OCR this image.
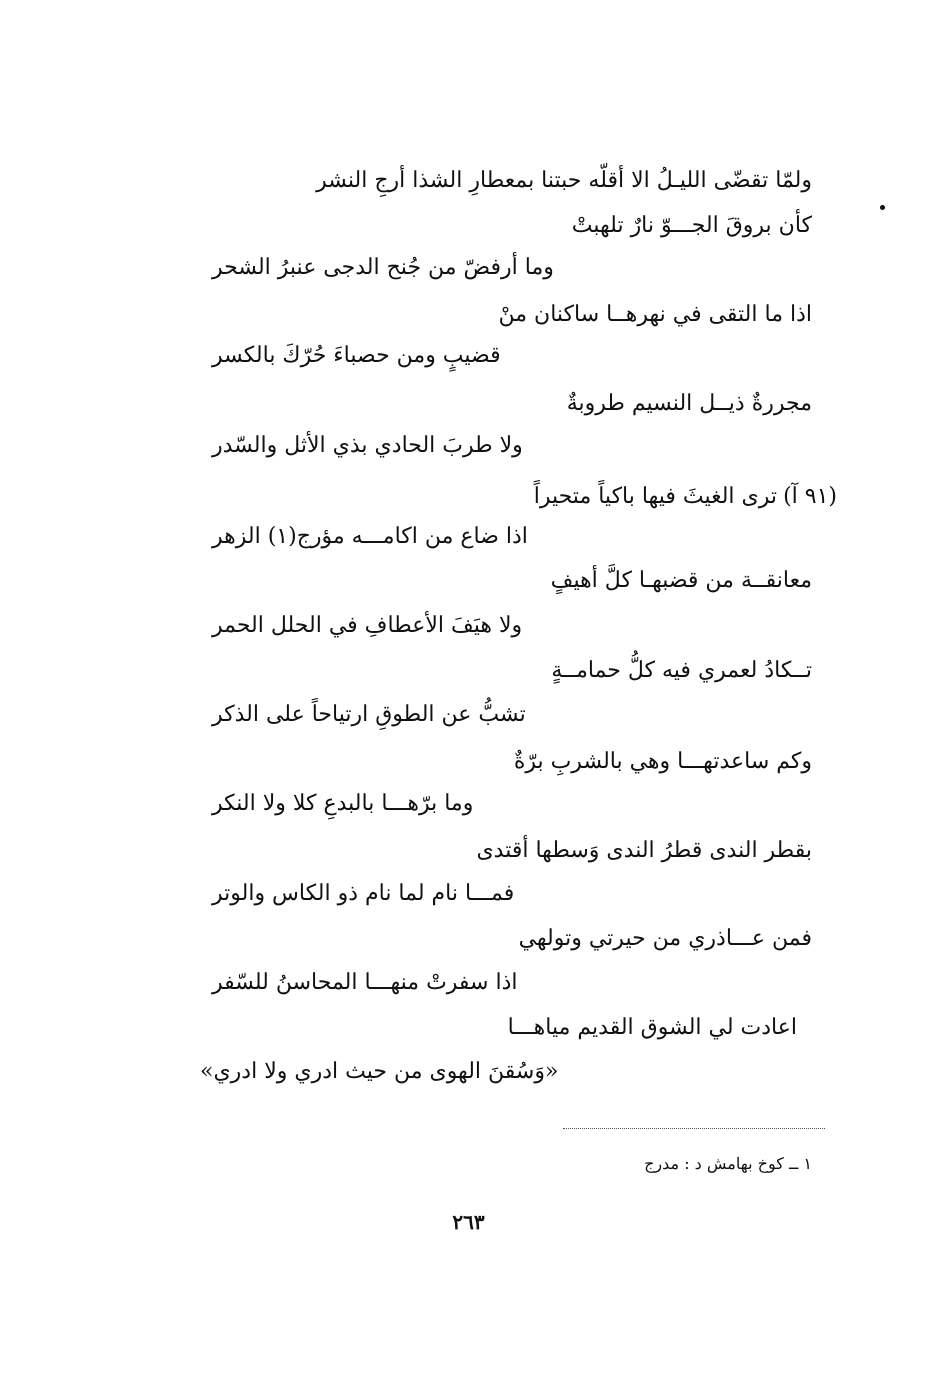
ولمّا تقضّى الليـلُ الا أقلّه حبتنا بمعطارِ الشذا أرجِ النشر
كأن بروقَ الجـــوّ نارٌ تلهبتْ
وما أرفضّ من جُنح الدجى عنبرُ الشحر
اذا ما التقى في نهرهــا ساكنان منْ
قضيبٍ ومن حصباءَ حُرّكَ بالكسر
مجررةٌ ذيــل النسيم طروبةٌ
ولا طربَ الحادي بذي الأثل والسّدر
(٩١ آ)
ترى الغيثَ فيها باكياً متحيراً
اذا ضاع من اكامـــه مؤرج(١) الزهر
معانقــة من قضبهـا كلَّ أهيفٍ
ولا هيَفَ الأعطافِ في الحلل الحمر
تــكادُ لعمري فيه كلُّ حمامــةٍ
تشبُّ عن الطوقِ ارتياحاً على الذكر
وكم ساعدتهـــا وهي بالشربِ برّةٌ
وما برّهـــا بالبدعِ كلا ولا النكر
بقطر الندى قطرُ الندى وَسطها أقتدى
فمـــا نام لما نام ذو الكاس والوتر
فمن عـــاذري من حيرتي وتولهي
اذا سفرتْ منهـــا المحاسنُ للسّفر
اعادت لي الشوق القديم مياهـــا
«وَسُقنَ الهوى من حيث ادري ولا ادري»
١ ــ كوخ بهامش د : مدرج
٢٦٣
